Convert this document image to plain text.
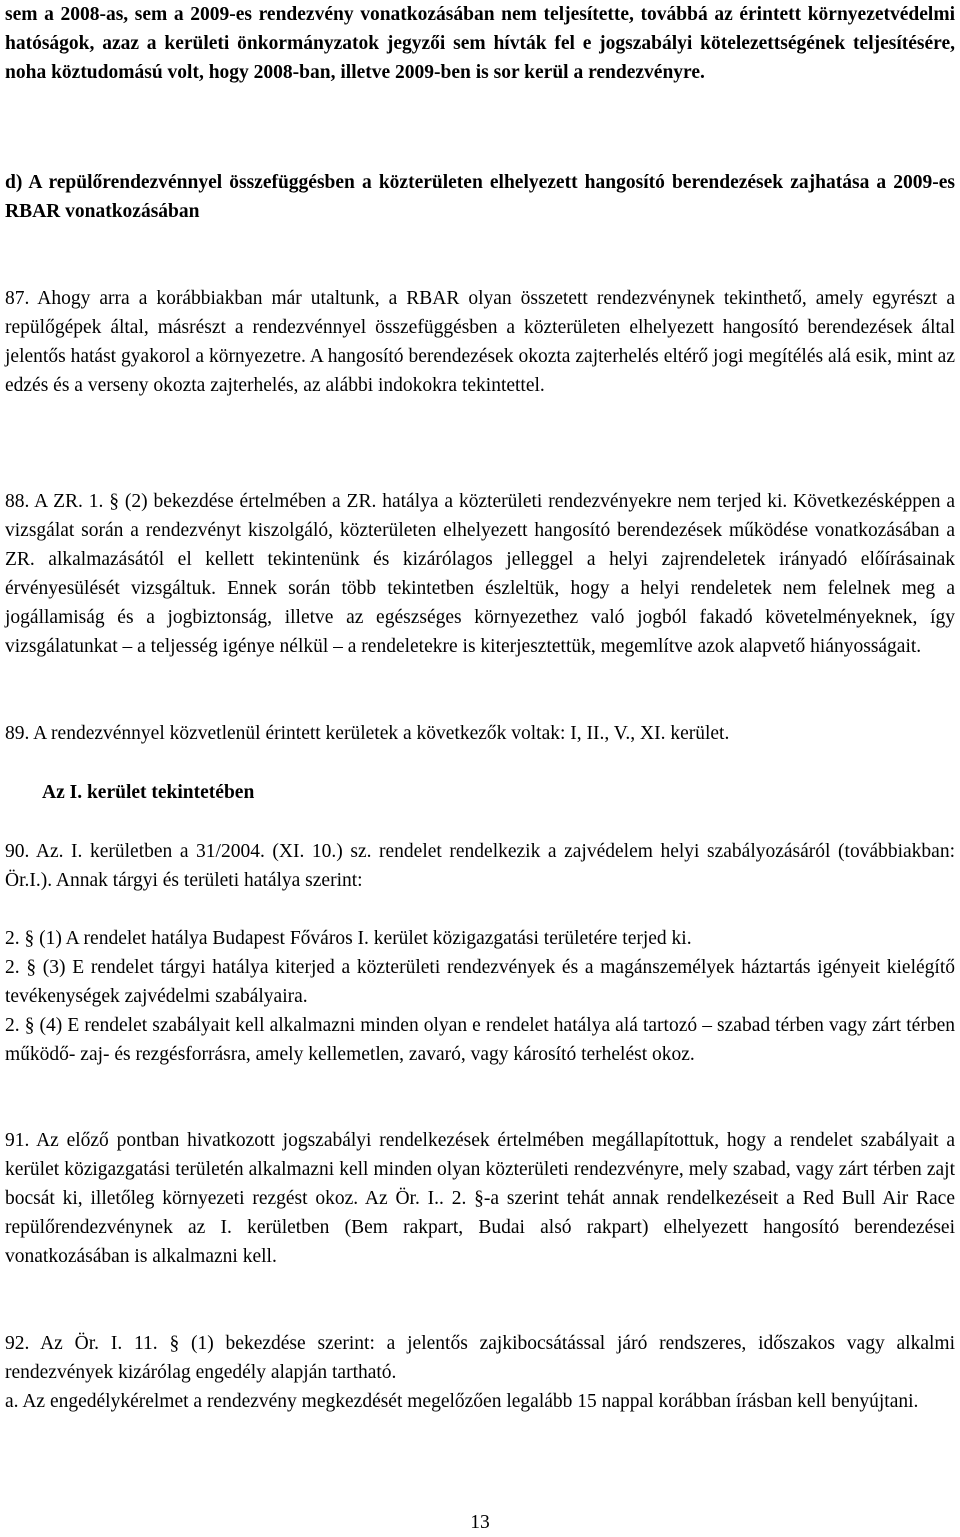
sem a 2008-as, sem a 2009-es rendezvény vonatkozásában nem teljesítette, továbbá az érintett környezetvédelmi hatóságok, azaz a kerületi önkormányzatok jegyzői sem hívták fel e jogszabályi kötelezettségének teljesítésére, noha köztudomású volt, hogy 2008-ban, illetve 2009-ben is sor kerül a rendezvényre.

d) A repülőrendezvénnyel összefüggésben a közterületen elhelyezett hangosító berendezések zajhatása a 2009-es RBAR vonatkozásában

87. Ahogy arra a korábbiakban már utaltunk, a RBAR olyan összetett rendezvénynek tekinthető, amely egyrészt a repülőgépek által, másrészt a rendezvénnyel összefüggésben a közterületen elhelyezett hangosító berendezések által jelentős hatást gyakorol a környezetre. A hangosító berendezések okozta zajterhelés eltérő jogi megítélés alá esik, mint az edzés és a verseny okozta zajterhelés, az alábbi indokokra tekintettel.

88. A ZR. 1. § (2) bekezdése értelmében a ZR. hatálya a közterületi rendezvényekre nem terjed ki. Következésképpen a vizsgálat során a rendezvényt kiszolgáló, közterületen elhelyezett hangosító berendezések működése vonatkozásában a ZR. alkalmazásától el kellett tekintenünk és kizárólagos jelleggel a helyi zajrendeletek irányadó előírásainak érvényesülését vizsgáltuk. Ennek során több tekintetben észleltük, hogy a helyi rendeletek nem felelnek meg a jogállamiság és a jogbiztonság, illetve az egészséges környezethez való jogból fakadó követelményeknek, így vizsgálatunkat – a teljesség igénye nélkül – a rendeletekre is kiterjesztettük, megemlítve azok alapvető hiányosságait.

89. A rendezvénnyel közvetlenül érintett kerületek a következők voltak: I, II., V., XI. kerület.

Az I. kerület tekintetében

90. Az. I. kerületben a 31/2004. (XI. 10.) sz. rendelet rendelkezik a zajvédelem helyi szabályozásáról (továbbiakban: Ör.I.). Annak tárgyi és területi hatálya szerint:

2. § (1) A rendelet hatálya Budapest Főváros I. kerület közigazgatási területére terjed ki.

2. § (3) E rendelet tárgyi hatálya kiterjed a közterületi rendezvények és a magánszemélyek háztartás igényeit kielégítő tevékenységek zajvédelmi szabályaira.

2. § (4) E rendelet szabályait kell alkalmazni minden olyan e rendelet hatálya alá tartozó – szabad térben vagy zárt térben működő- zaj- és rezgésforrásra, amely kellemetlen, zavaró, vagy károsító terhelést okoz.

91. Az előző pontban hivatkozott jogszabályi rendelkezések értelmében megállapítottuk, hogy a rendelet szabályait a kerület közigazgatási területén alkalmazni kell minden olyan közterületi rendezvényre, mely szabad, vagy zárt térben zajt bocsát ki, illetőleg környezeti rezgést okoz. Az Ör. I.. 2. §-a szerint tehát annak rendelkezéseit a Red Bull Air Race repülőrendezvénynek az I. kerületben (Bem rakpart, Budai alsó rakpart) elhelyezett hangosító berendezései vonatkozásában is alkalmazni kell.

92. Az Ör. I. 11. § (1) bekezdése szerint: a jelentős zajkibocsátással járó rendszeres, időszakos vagy alkalmi rendezvények kizárólag engedély alapján tartható.

a. Az engedélykérelmet a rendezvény megkezdését megelőzően legalább 15 nappal korábban írásban kell benyújtani.

13
